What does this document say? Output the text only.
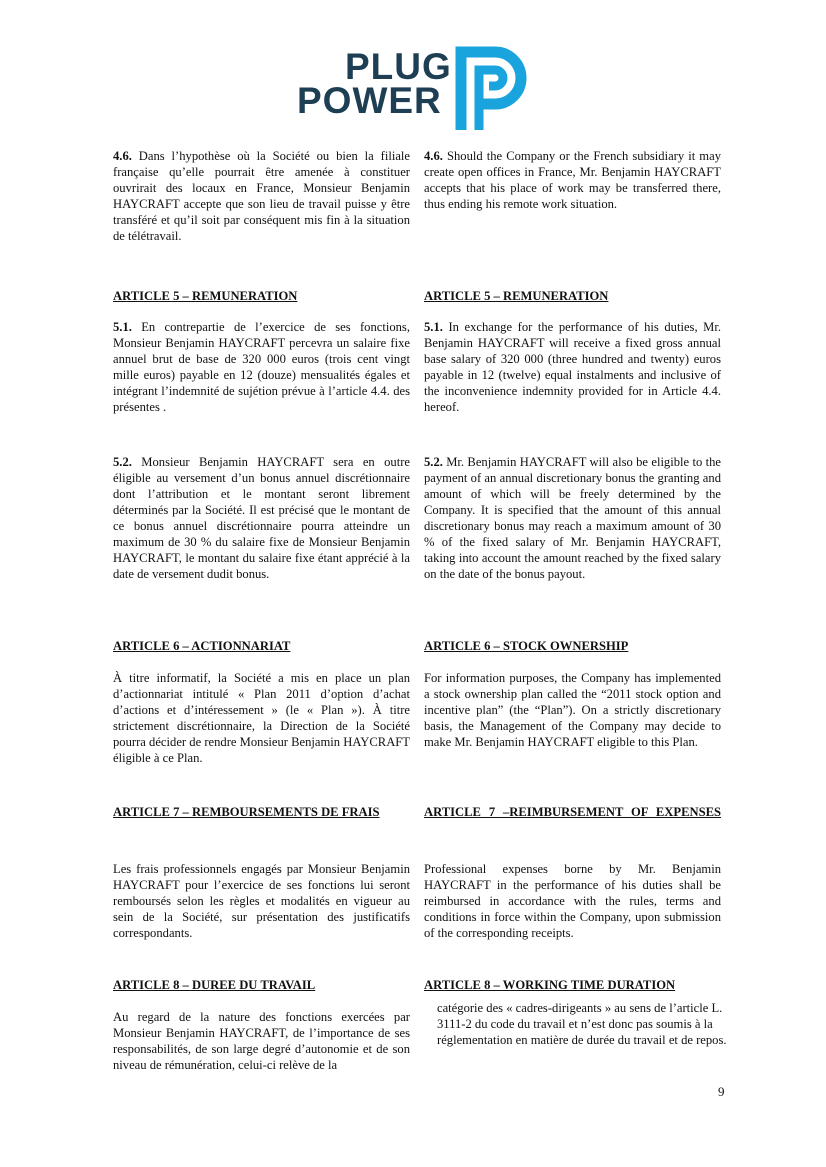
PLUG
POWER

4.6. Dans l’hypothèse où la Société ou bien la filiale française qu’elle pourrait être amenée à constituer ouvrirait des locaux en France, Monsieur Benjamin HAYCRAFT accepte que son lieu de travail puisse y être transféré et qu’il soit par conséquent mis fin à la situation de télétravail.

4.6. Should the Company or the French subsidiary it may create open offices in France, Mr. Benjamin HAYCRAFT accepts that his place of work may be transferred there, thus ending his remote work situation.

ARTICLE 5 – REMUNERATION	ARTICLE 5 – REMUNERATION

5.1. En contrepartie de l’exercice de ses fonctions, Monsieur Benjamin HAYCRAFT percevra un salaire fixe annuel brut de base de 320 000 euros (trois cent vingt mille euros) payable en 12 (douze) mensualités égales et intégrant l’indemnité de sujétion prévue à l’article 4.4. des présentes .

5.1. In exchange for the performance of his duties, Mr. Benjamin HAYCRAFT will receive a fixed gross annual base salary of 320 000 (three hundred and twenty) euros payable in 12 (twelve) equal instalments and inclusive of the inconvenience indemnity provided for in Article 4.4. hereof.

5.2. Monsieur Benjamin HAYCRAFT sera en outre éligible au versement d’un bonus annuel discrétionnaire dont l’attribution et le montant seront librement déterminés par la Société. Il est précisé que le montant de ce bonus annuel discrétionnaire pourra atteindre un maximum de 30 % du salaire fixe de Monsieur Benjamin HAYCRAFT, le montant du salaire fixe étant apprécié à la date de versement dudit bonus.

5.2. Mr. Benjamin HAYCRAFT will also be eligible to the payment of an annual discretionary bonus the granting and amount of which will be freely determined by the Company. It is specified that the amount of this annual discretionary bonus may reach a maximum amount of 30 % of the fixed salary of Mr. Benjamin HAYCRAFT, taking into account the amount reached by the fixed salary on the date of the bonus payout.

ARTICLE 6 – ACTIONNARIAT	ARTICLE 6 – STOCK OWNERSHIP
À titre informatif, la Société a mis en place un plan d’actionnariat intitulé « Plan 2011 d’option d’achat d’actions et d’intéressement » (le « Plan »). À titre strictement discrétionnaire, la Direction de la Société pourra décider de rendre Monsieur Benjamin HAYCRAFT éligible à ce Plan.
For information purposes, the Company has implemented a stock ownership plan called the “2011 stock option and incentive plan” (the “Plan”). On a strictly discretionary basis, the Management of the Company may decide to make Mr. Benjamin HAYCRAFT eligible to this Plan.
ARTICLE 7 – REMBOURSEMENTS DE FRAIS	ARTICLE 7 –REIMBURSEMENT OF EXPENSES
Les frais professionnels engagés par Monsieur Benjamin HAYCRAFT pour l’exercice de ses fonctions lui seront remboursés selon les règles et modalités en vigueur au sein de la Société, sur présentation des justificatifs correspondants.
Professional expenses borne by Mr. Benjamin HAYCRAFT in the performance of his duties shall be reimbursed in accordance with the rules, terms and conditions in force within the Company, upon submission of the corresponding receipts.
ARTICLE 8 – DUREE DU TRAVAIL	ARTICLE 8 – WORKING TIME DURATION
Au regard de la nature des fonctions exercées par Monsieur Benjamin HAYCRAFT, de l’importance de ses responsabilités, de son large degré d’autonomie et de son niveau de rémunération, celui-ci relève de la
catégorie des « cadres-dirigeants » au sens de l’article L. 3111-2 du code du travail et n’est donc pas soumis à la réglementation en matière de durée du travail et de repos.
9
